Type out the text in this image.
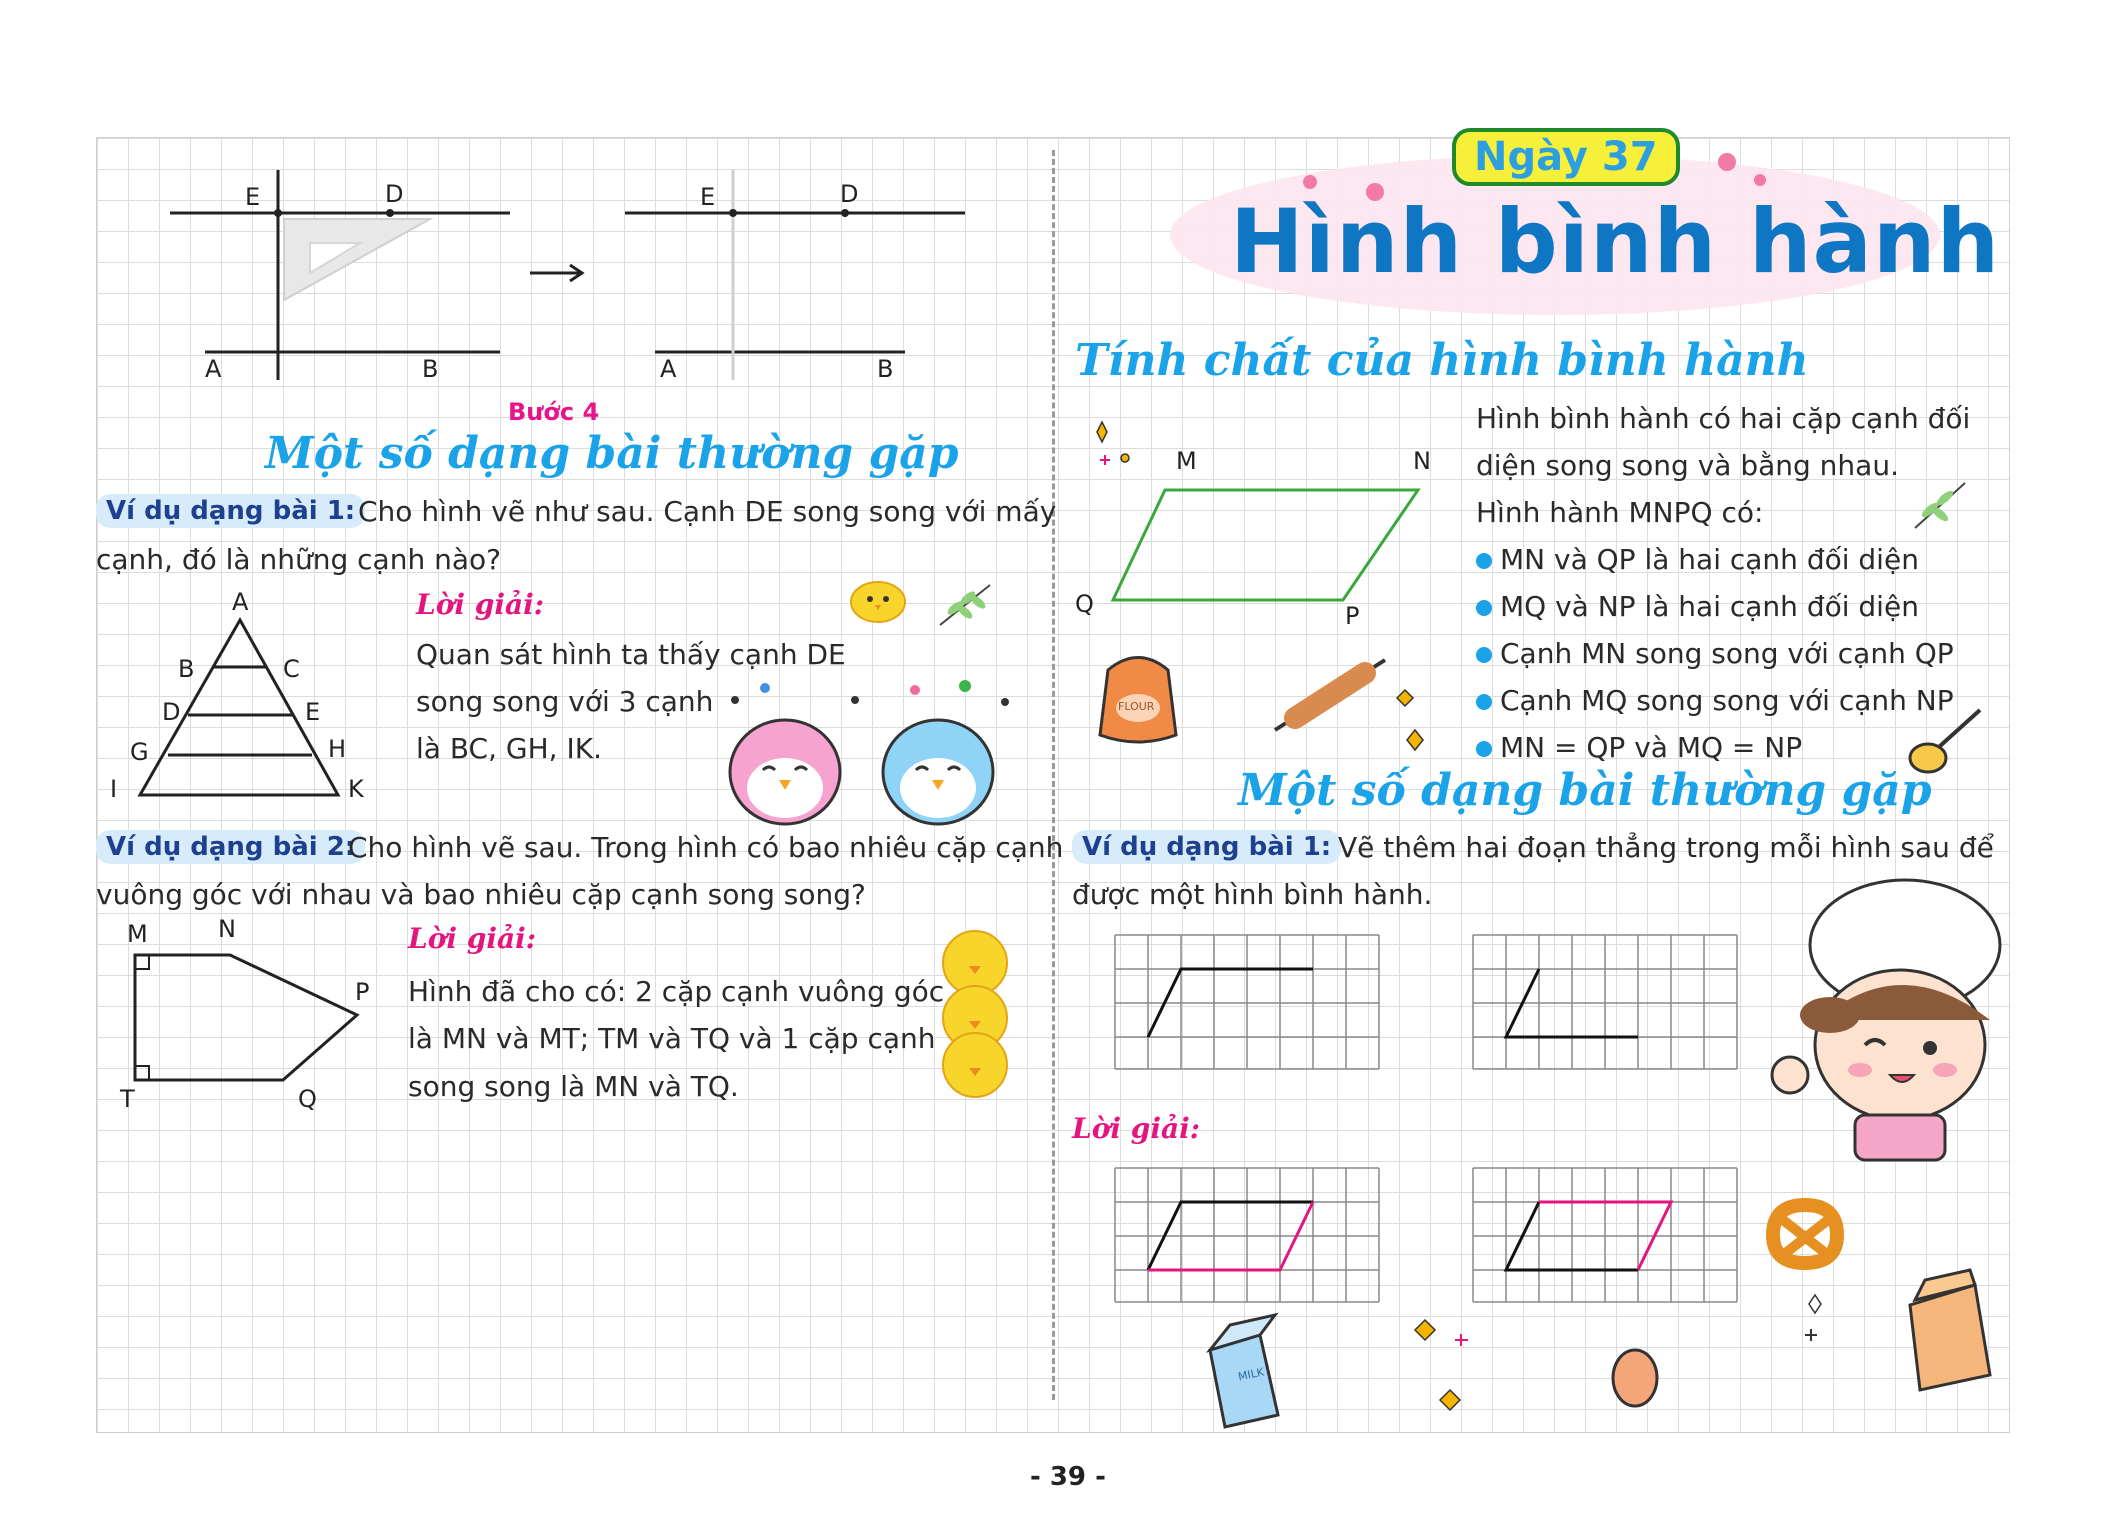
E	D
A	B
E	D
A	B
Bước 4
Một số dạng bài thường gặp
Ví dụ dạng bài 1: Cho hình vẽ như sau. Cạnh DE song song với mấy
cạnh, đó là những cạnh nào?
A
B	C
D	E
G	H
I	K
Lời giải:
Quan sát hình ta thấy cạnh DE
song song với 3 cạnh
là BC, GH, IK.
Ví dụ dạng bài 2:
Cho hình vẽ sau. Trong hình có bao nhiêu cặp cạnh
vuông góc với nhau và bao nhiêu cặp cạnh song song?
M	N
P
T	Q
Lời giải:
Hình đã cho có: 2 cặp cạnh vuông góc
là MN và MT; TM và TQ và 1 cặp cạnh
song song là MN và TQ.
Ngày 37
Hình bình hành
Tính chất của hình bình hành
Hình bình hành có hai cặp cạnh đối
diện song song và bằng nhau.
Hình hành MNPQ có:
MN và QP là hai cạnh đối diện
MQ và NP là hai cạnh đối diện
Cạnh MN song song với cạnh QP
Cạnh MQ song song với cạnh NP
MN = QP và MQ = NP
M	N
Q	P
FLOUR
Một số dạng bài thường gặp
Ví dụ dạng bài 1: Vẽ thêm hai đoạn thẳng trong mỗi hình sau để
được một hình bình hành.
Lời giải:
MILK
- 39 -
